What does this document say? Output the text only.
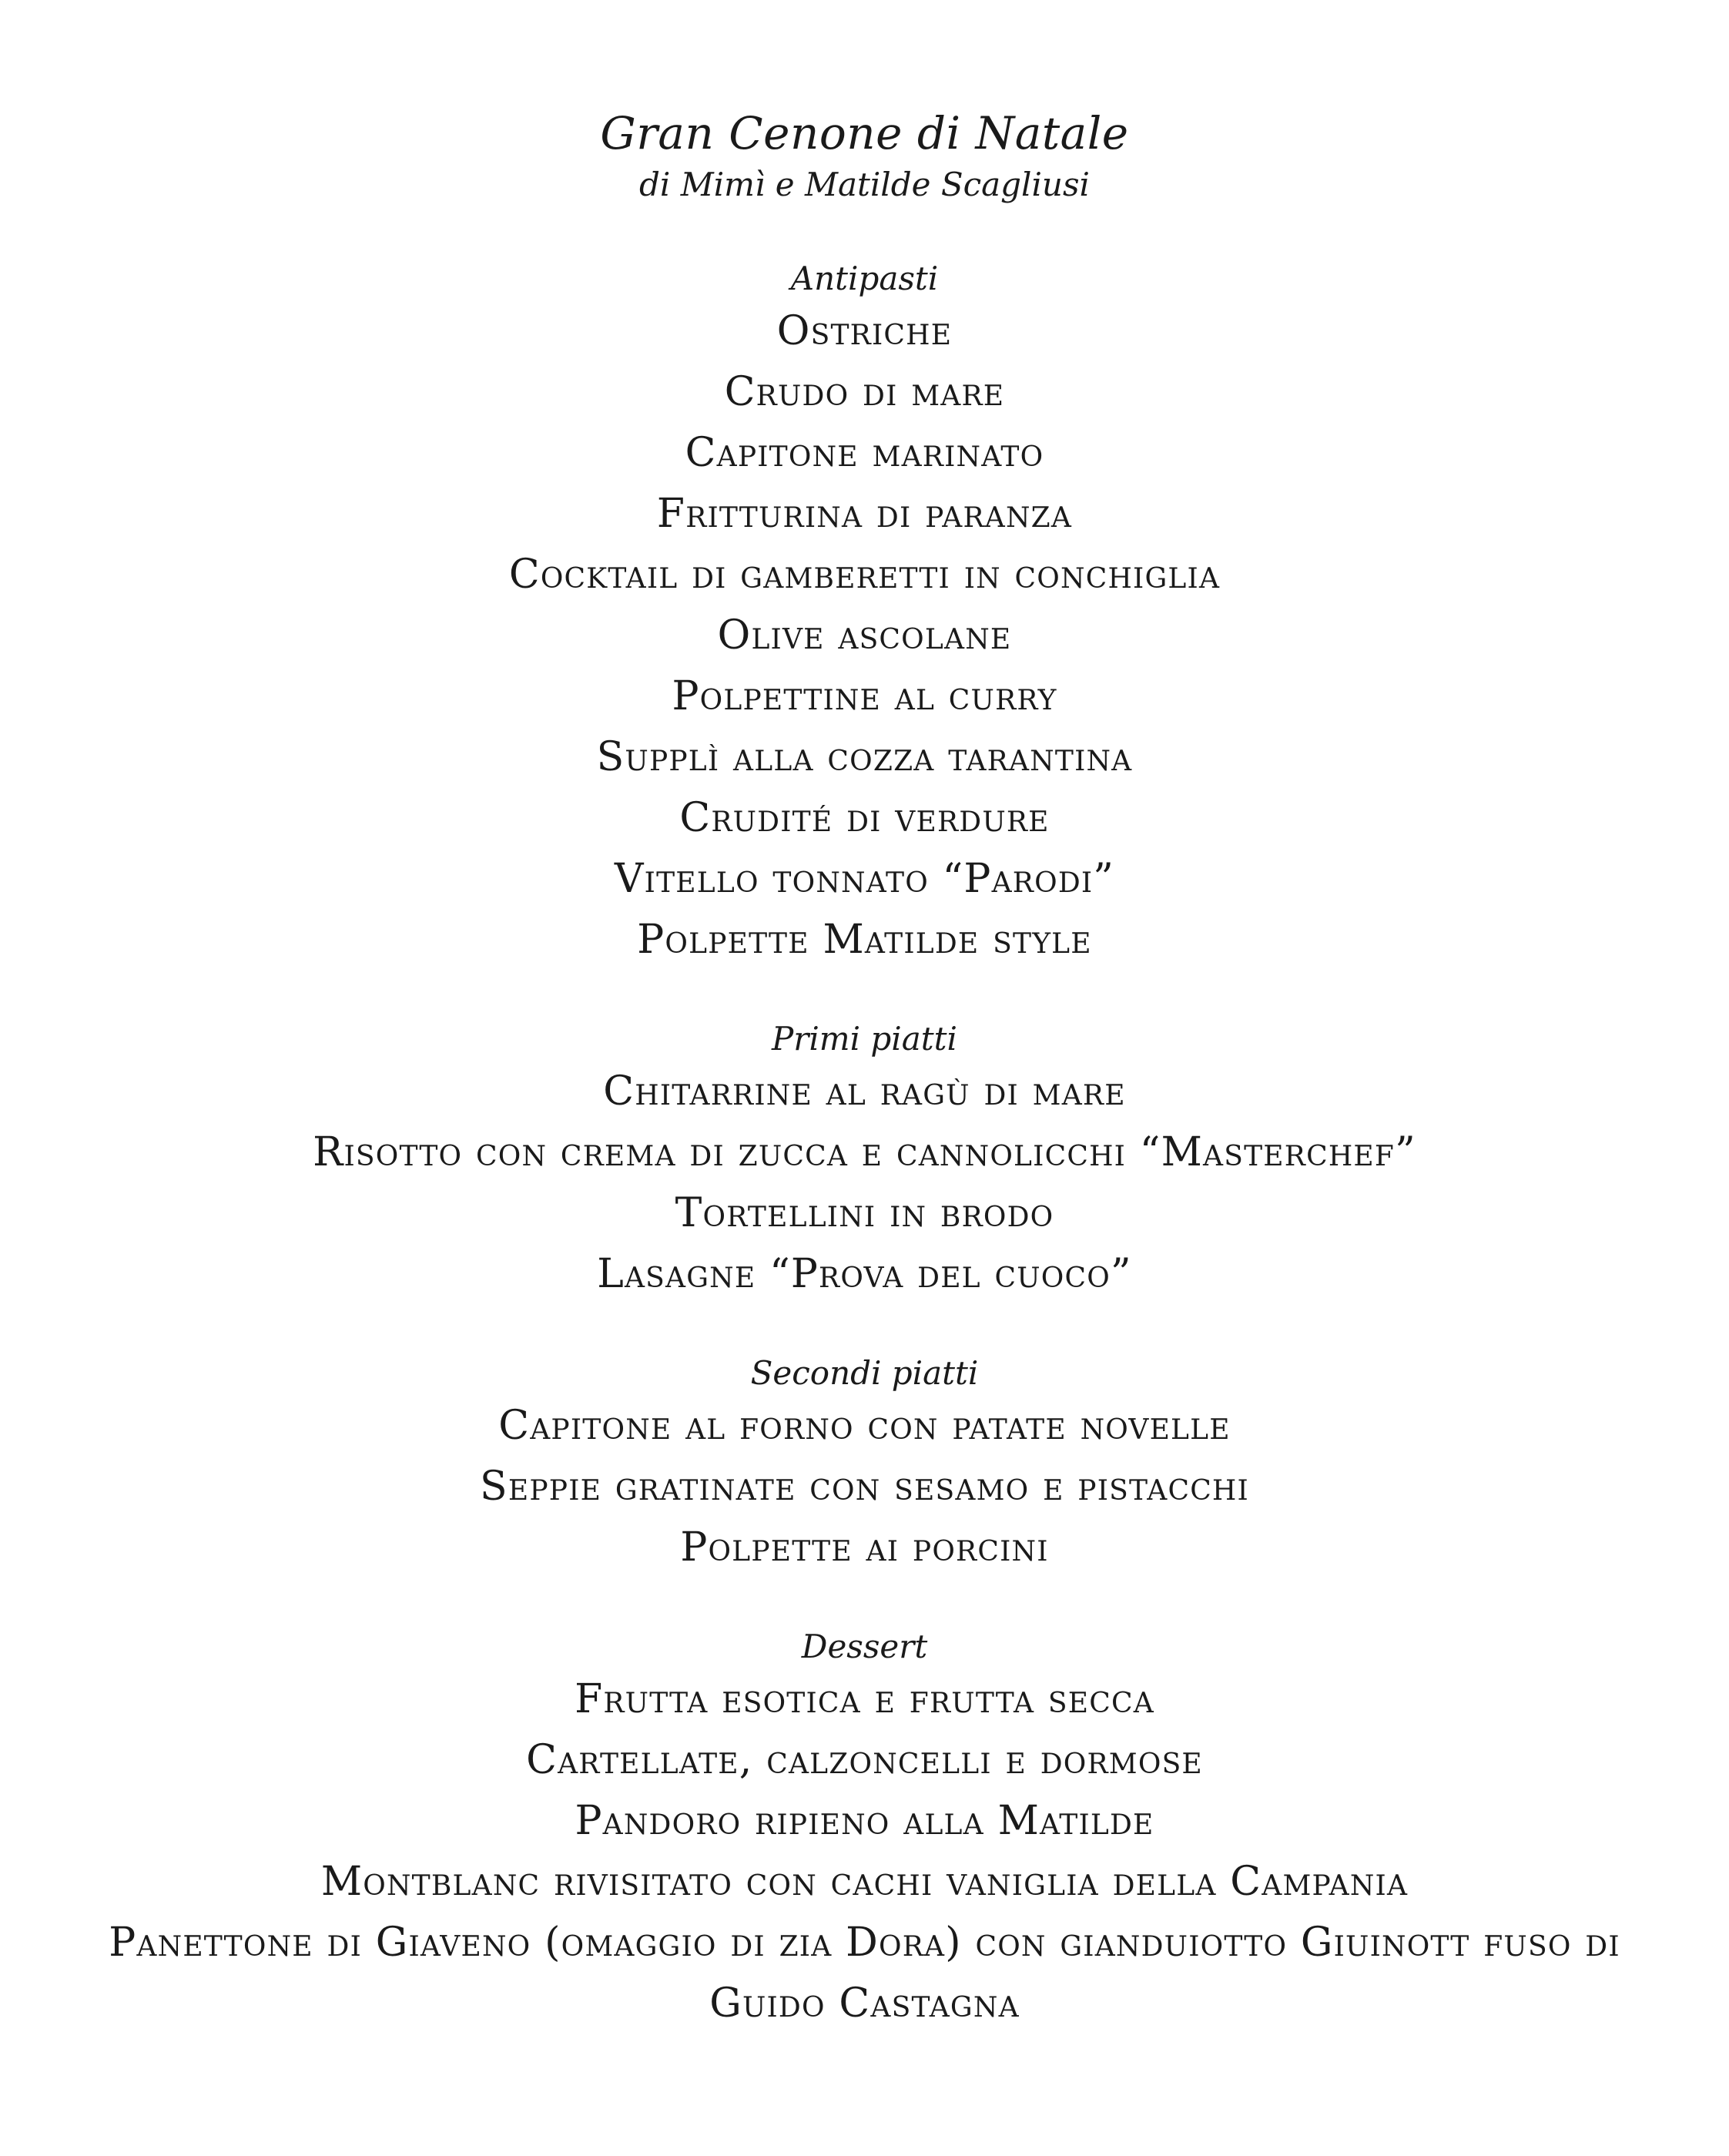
Gran Cenone di Natale

di Mimì e Matilde Scagliusi

Antipasti

Ostriche

Crudo di mare

Capitone marinato

Fritturina di paranza

Cocktail di gamberetti in conchiglia

Olive ascolane

Polpettine al curry

Supplì alla cozza tarantina

Crudité di verdure

Vitello tonnato “Parodi”

Polpette Matilde style

Primi piatti

Chitarrine al ragù di mare

Risotto con crema di zucca e cannolicchi “Masterchef”

Tortellini in brodo

Lasagne “Prova del cuoco”

Secondi piatti

Capitone al forno con patate novelle

Seppie gratinate con sesamo e pistacchi

Polpette ai porcini

Dessert

Frutta esotica e frutta secca

Cartellate, calzoncelli e dormose

Pandoro ripieno alla Matilde

Montblanc rivisitato con cachi vaniglia della Campania

Panettone di Giaveno (omaggio di zia Dora) con gianduiotto Giuinott fuso di Guido Castagna
